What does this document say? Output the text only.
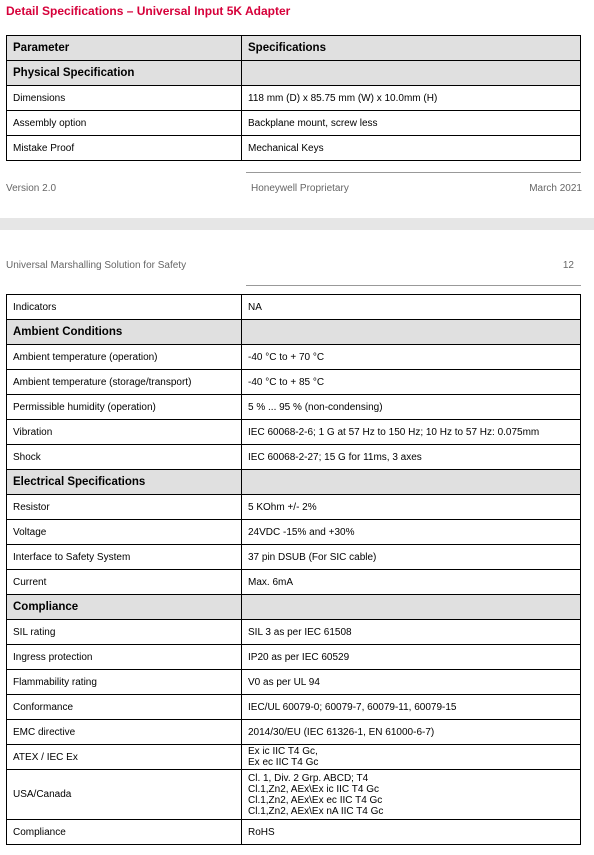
Detail Specifications – Universal Input 5K Adapter
Parameter	Specifications
Physical Specification	
Dimensions	118 mm (D) x 85.75 mm (W) x 10.0mm (H)
Assembly option	Backplane mount, screw less
Mistake Proof	Mechanical Keys
Version 2.0	Honeywell Proprietary	March 2021
Universal Marshalling Solution for Safety	12
Indicators	NA
Ambient Conditions	
Ambient temperature (operation)	-40 °C to + 70 °C
Ambient temperature (storage/transport)	-40 °C to + 85 °C
Permissible humidity (operation)	5 % ... 95 % (non-condensing)
Vibration	IEC 60068-2-6; 1 G at 57 Hz to 150 Hz; 10 Hz to 57 Hz: 0.075mm
Shock	IEC 60068-2-27; 15 G for 11ms, 3 axes
Electrical Specifications	
Resistor	5 KOhm +/- 2%
Voltage	24VDC -15% and +30%
Interface to Safety System	37 pin DSUB (For SIC cable)
Current	Max. 6mA
Compliance	
SIL rating	SIL 3 as per IEC 61508
Ingress protection	IP20 as per IEC 60529
Flammability rating	V0 as per UL 94
Conformance	IEC/UL 60079-0; 60079-7, 60079-11, 60079-15
EMC directive	2014/30/EU (IEC 61326-1, EN 61000-6-7)
ATEX / IEC Ex	Ex ic IIC T4 Gc,
Ex ec IIC T4 Gc

USA/Canada	Cl. 1, Div. 2 Grp. ABCD; T4
Cl.1,Zn2, AEx\Ex ic IIC T4 Gc
Cl.1,Zn2, AEx\Ex ec IIC T4 Gc
Cl.1,Zn2, AEx\Ex nA IIC T4 Gc

Compliance	RoHS
